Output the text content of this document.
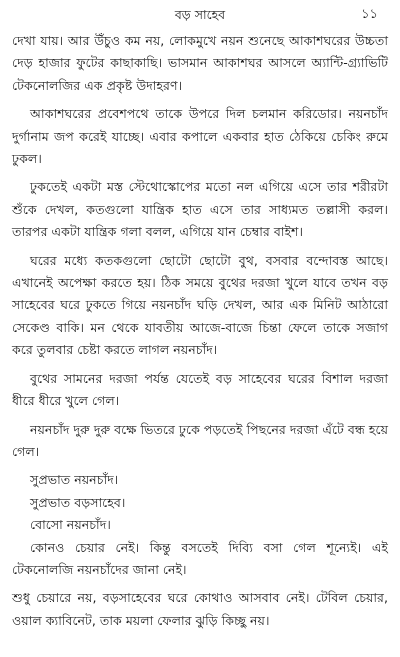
বড় সাহেব	১১

দেখা যায়। আর উঁচুও কম নয়, লোকমুখে নয়ন শুনেছে আকাশঘরের উচ্চতা দেড় হাজার ফুটের কাছাকাছি। ভাসমান আকাশঘর আসলে অ্যান্টি-গ্র্যাভিটি টেকনোলজির এক প্রকৃষ্ট উদাহরণ।

আকাশঘরের প্রবেশপথে তাকে উপরে দিল চলমান করিডোর। নয়নচাঁদ দুর্গানাম জপ করেই যাচ্ছে। এবার কপালে একবার হাত ঠেকিয়ে চেকিং রুমে ঢুকল।

ঢুকতেই একটা মস্ত স্টেথোস্কোপের মতো নল এগিয়ে এসে তার শরীরটা শুঁকে দেখল, কতগুলো যান্ত্রিক হাত এসে তার সাধ্যমত তল্লাসী করল। তারপর একটা যান্ত্রিক গলা বলল, এগিয়ে যান চেম্বার বাইশ।

ঘরের মধ্যে কতকগুলো ছোটো ছোটো বুথ, বসবার বন্দোবস্ত আছে। এখানেই অপেক্ষা করতে হয়। ঠিক সময়ে বুথের দরজা খুলে যাবে তখন বড় সাহেবের ঘরে ঢুকতে গিয়ে নয়নচাঁদ ঘড়ি দেখল, আর এক মিনিট আঠারো সেকেণ্ড বাকি। মন থেকে যাবতীয় আজে-বাজে চিন্তা ফেলে তাকে সজাগ করে তুলবার চেষ্টা করতে লাগল নয়নচাঁদ।

বুথের সামনের দরজা পর্যন্ত যেতেই বড় সাহেবের ঘরের বিশাল দরজা ধীরে ধীরে খুলে গেল।

নয়নচাঁদ দুরু দুরু বক্ষে ভিতরে ঢুকে পড়তেই পিছনের দরজা এঁটে বন্ধ হয়ে গেল।

সুপ্রভাত নয়নচাঁদ।

সুপ্রভাত বড়সাহেব।

বোসো নয়নচাঁদ।

কোনও চেয়ার নেই। কিন্তু বসতেই দিব্যি বসা গেল শূন্যেই। এই টেকনোলজি নয়নচাঁদের জানা নেই।

শুধু চেয়ারে নয়, বড়সাহেবের ঘরে কোথাও আসবাব নেই। টেবিল চেয়ার, ওয়াল ক্যাবিনেট, তাক ময়লা ফেলার ঝুড়ি কিচ্ছু নয়।
